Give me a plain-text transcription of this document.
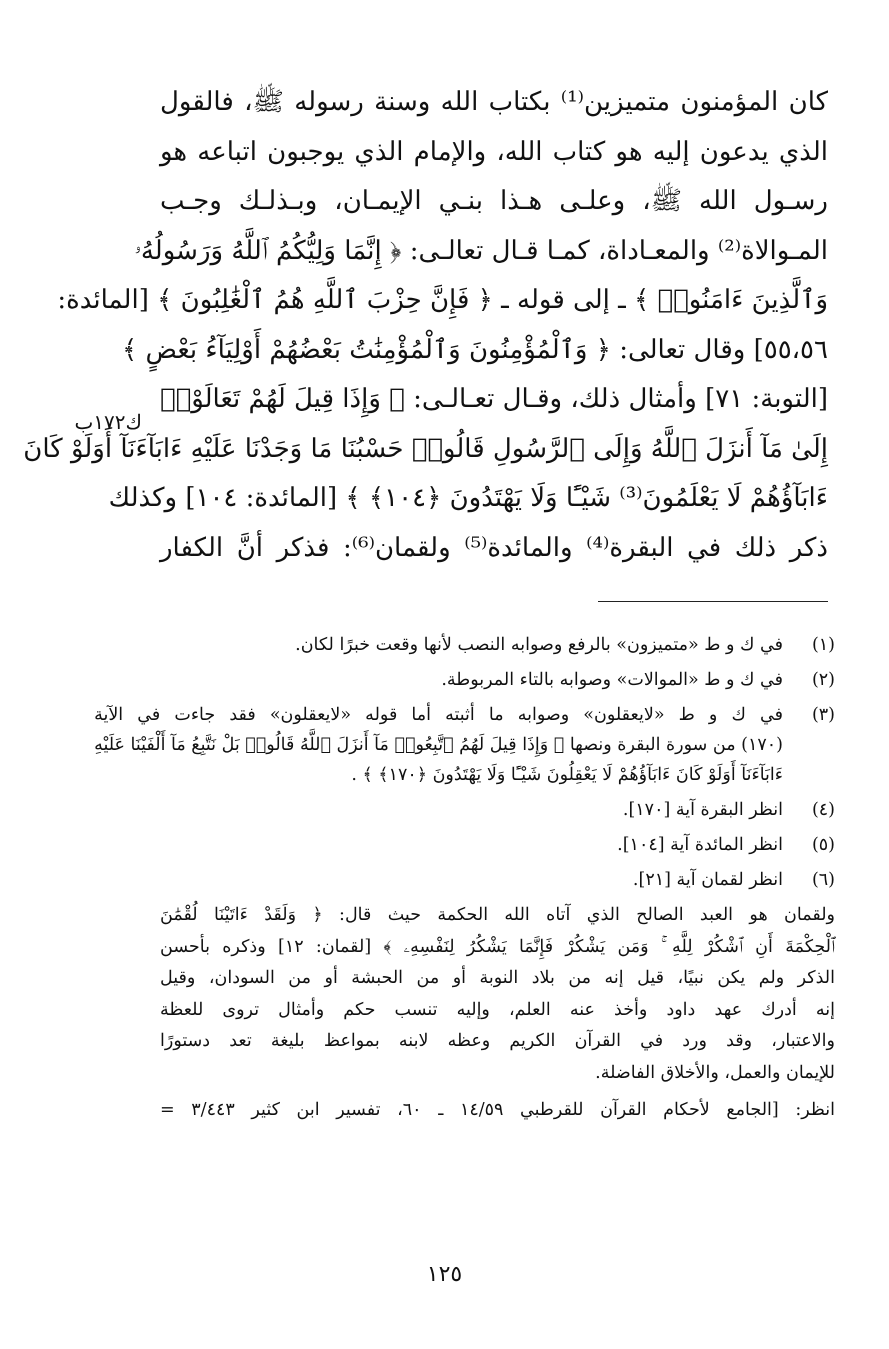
كان المؤمنون متميزين⁽¹⁾ بكتاب الله وسنة رسوله ﷺ، فالقول
الذي يدعون إليه هو كتاب الله، والإمام الذي يوجبون اتباعه هو
رسـول الله ﷺ، وعلـى هـذا بنـي الإيمـان، وبـذلـك وجـب
المـوالاة⁽²⁾ والمعـاداة، كمـا قـال تعالـى: ﴿ إِنَّمَا وَلِيُّكُمُ ٱللَّهُ وَرَسُولُهُۥ
وَٱلَّذِينَ ءَامَنُوا۟ ﴾ ـ إلى قوله ـ ﴿ فَإِنَّ حِزْبَ ٱللَّهِ هُمُ ٱلْغَٰلِبُونَ ﴾ [المائدة:
٥٥،٥٦] وقال تعالى: ﴿ وَٱلْمُؤْمِنُونَ وَٱلْمُؤْمِنَٰتُ بَعْضُهُمْ أَوْلِيَآءُ بَعْضٍ ﴾
[التوبة: ٧١] وأمثال ذلك، وقـال تعـالـى: ﴿ وَإِذَا قِيلَ لَهُمْ تَعَالَوْا۟
إِلَىٰ مَآ أَنزَلَ ٱللَّهُ وَإِلَى ٱلرَّسُولِ قَالُوا۟ حَسْبُنَا مَا وَجَدْنَا عَلَيْهِ ءَابَآءَنَآ أَوَلَوْ كَانَ
ءَابَآؤُهُمْ لَا يَعْلَمُونَ⁽³⁾ شَيْـًٔا وَلَا يَهْتَدُونَ ﴿١٠٤﴾ ﴾ [المائدة: ١٠٤] وكذلك
ذكر ذلك في البقرة⁽⁴⁾ والمائدة⁽⁵⁾ ولقمان⁽⁶⁾: فذكر أنَّ الكفار
ك١٧٢ب
(١)
في ك و ط «متميزون» بالرفع وصوابه النصب لأنها وقعت خبرًا لكان.
(٢)
في ك و ط «الموالات» وصوابه بالتاء المربوطة.
(٣)
في ك و ط «لايعقلون» وصوابه ما أثبته أما قوله «لايعقلون» فقد جاءت في الآية
(١٧٠) من سورة البقرة ونصها ﴿ وَإِذَا قِيلَ لَهُمُ ٱتَّبِعُوا۟ مَآ أَنزَلَ ٱللَّهُ قَالُوا۟ بَلْ نَتَّبِعُ مَآ أَلْفَيْنَا عَلَيْهِ
ءَابَآءَنَآ أَوَلَوْ كَانَ ءَابَآؤُهُمْ لَا يَعْقِلُونَ شَيْـًٔا وَلَا يَهْتَدُونَ ﴿١٧٠﴾ ﴾ .
(٤)
انظر البقرة آية [١٧٠].
(٥)
انظر المائدة آية [١٠٤].
(٦)
انظر لقمان آية [٢١].
ولقمان هو العبد الصالح الذي آتاه الله الحكمة حيث قال: ﴿ وَلَقَدْ ءَاتَيْنَا لُقْمَٰنَ
ٱلْحِكْمَةَ أَنِ ٱشْكُرْ لِلَّهِ ۚ وَمَن يَشْكُرْ فَإِنَّمَا يَشْكُرُ لِنَفْسِهِۦ ﴾ [لقمان: ١٢] وذكره بأحسن
الذكر ولم يكن نبيًا، قيل إنه من بلاد النوبة أو من الحبشة أو من السودان، وقيل
إنه أدرك عهد داود وأخذ عنه العلم، وإليه تنسب حكم وأمثال تروى للعظة
والاعتبار، وقد ورد في القرآن الكريم وعظه لابنه بمواعظ بليغة تعد دستورًا
للإيمان والعمل، والأخلاق الفاضلة.
انظر: [الجامع لأحكام القرآن للقرطبي ١٤/٥٩ ـ ٦٠، تفسير ابن كثير ٣/٤٤٣ =
١٢٥
